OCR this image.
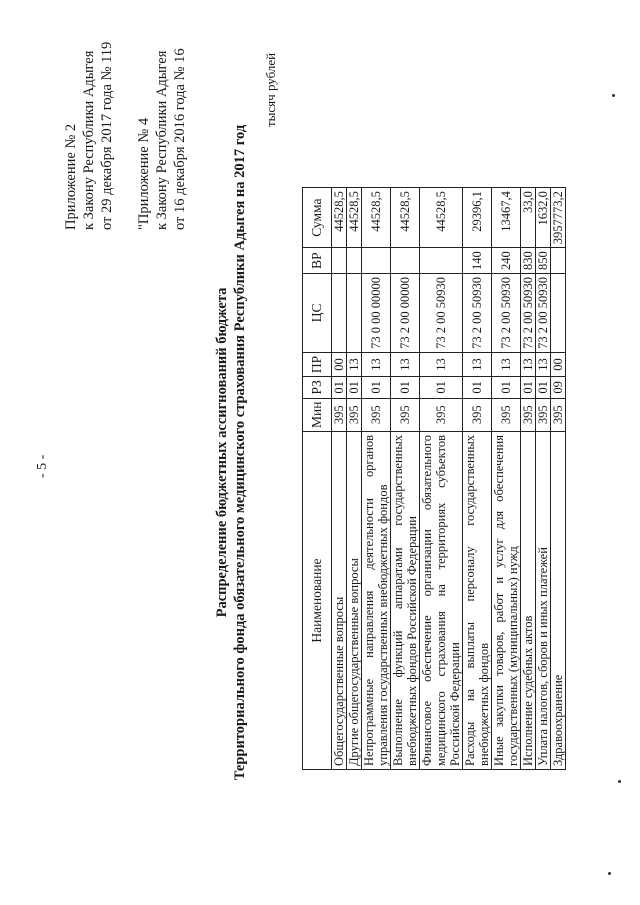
- 5 -
Приложение № 2 к Закону Республики Адыгея от 29 декабря 2017 года № 119 "Приложение № 4 к Закону Республики Адыгея от 16 декабря 2016 года № 16
Распределение бюджетных ассигнований бюджета Территориального фонда обязательного медицинского страхования Республики Адыгея на 2017 год
тысяч рублей
Наименование	Мин	РЗ	ПР	ЦС	ВР	Сумма
Общегосударственные вопросы	395	01	00			44528,5
Другие общегосударственные вопросы	395	01	13			44528,5
Непрограммные направления деятельности органов управления государственных внебюджетных фондов	395	01	13	73 0 00 00000		44528,5
Выполнение функций аппаратами государственных внебюджетных фондов Российской Федерации	395	01	13	73 2 00 00000		44528,5
Финансовое обеспечение организации обязательного медицинского страхования на территориях субъектов Российской Федерации	395	01	13	73 2 00 50930		44528,5
Расходы на выплаты персоналу государственных внебюджетных фондов	395	01	13	73 2 00 50930	140	29396,1
Иные закупки товаров, работ и услуг для обеспечения государственных (муниципальных) нужд	395	01	13	73 2 00 50930	240	13467,4
Исполнение судебных актов	395	01	13	73 2 00 50930	830	33,0
Уплата налогов, сборов и иных платежей	395	01	13	73 2 00 50930	850	1632,0
Здравоохранение	395	09	00			3957773,2
